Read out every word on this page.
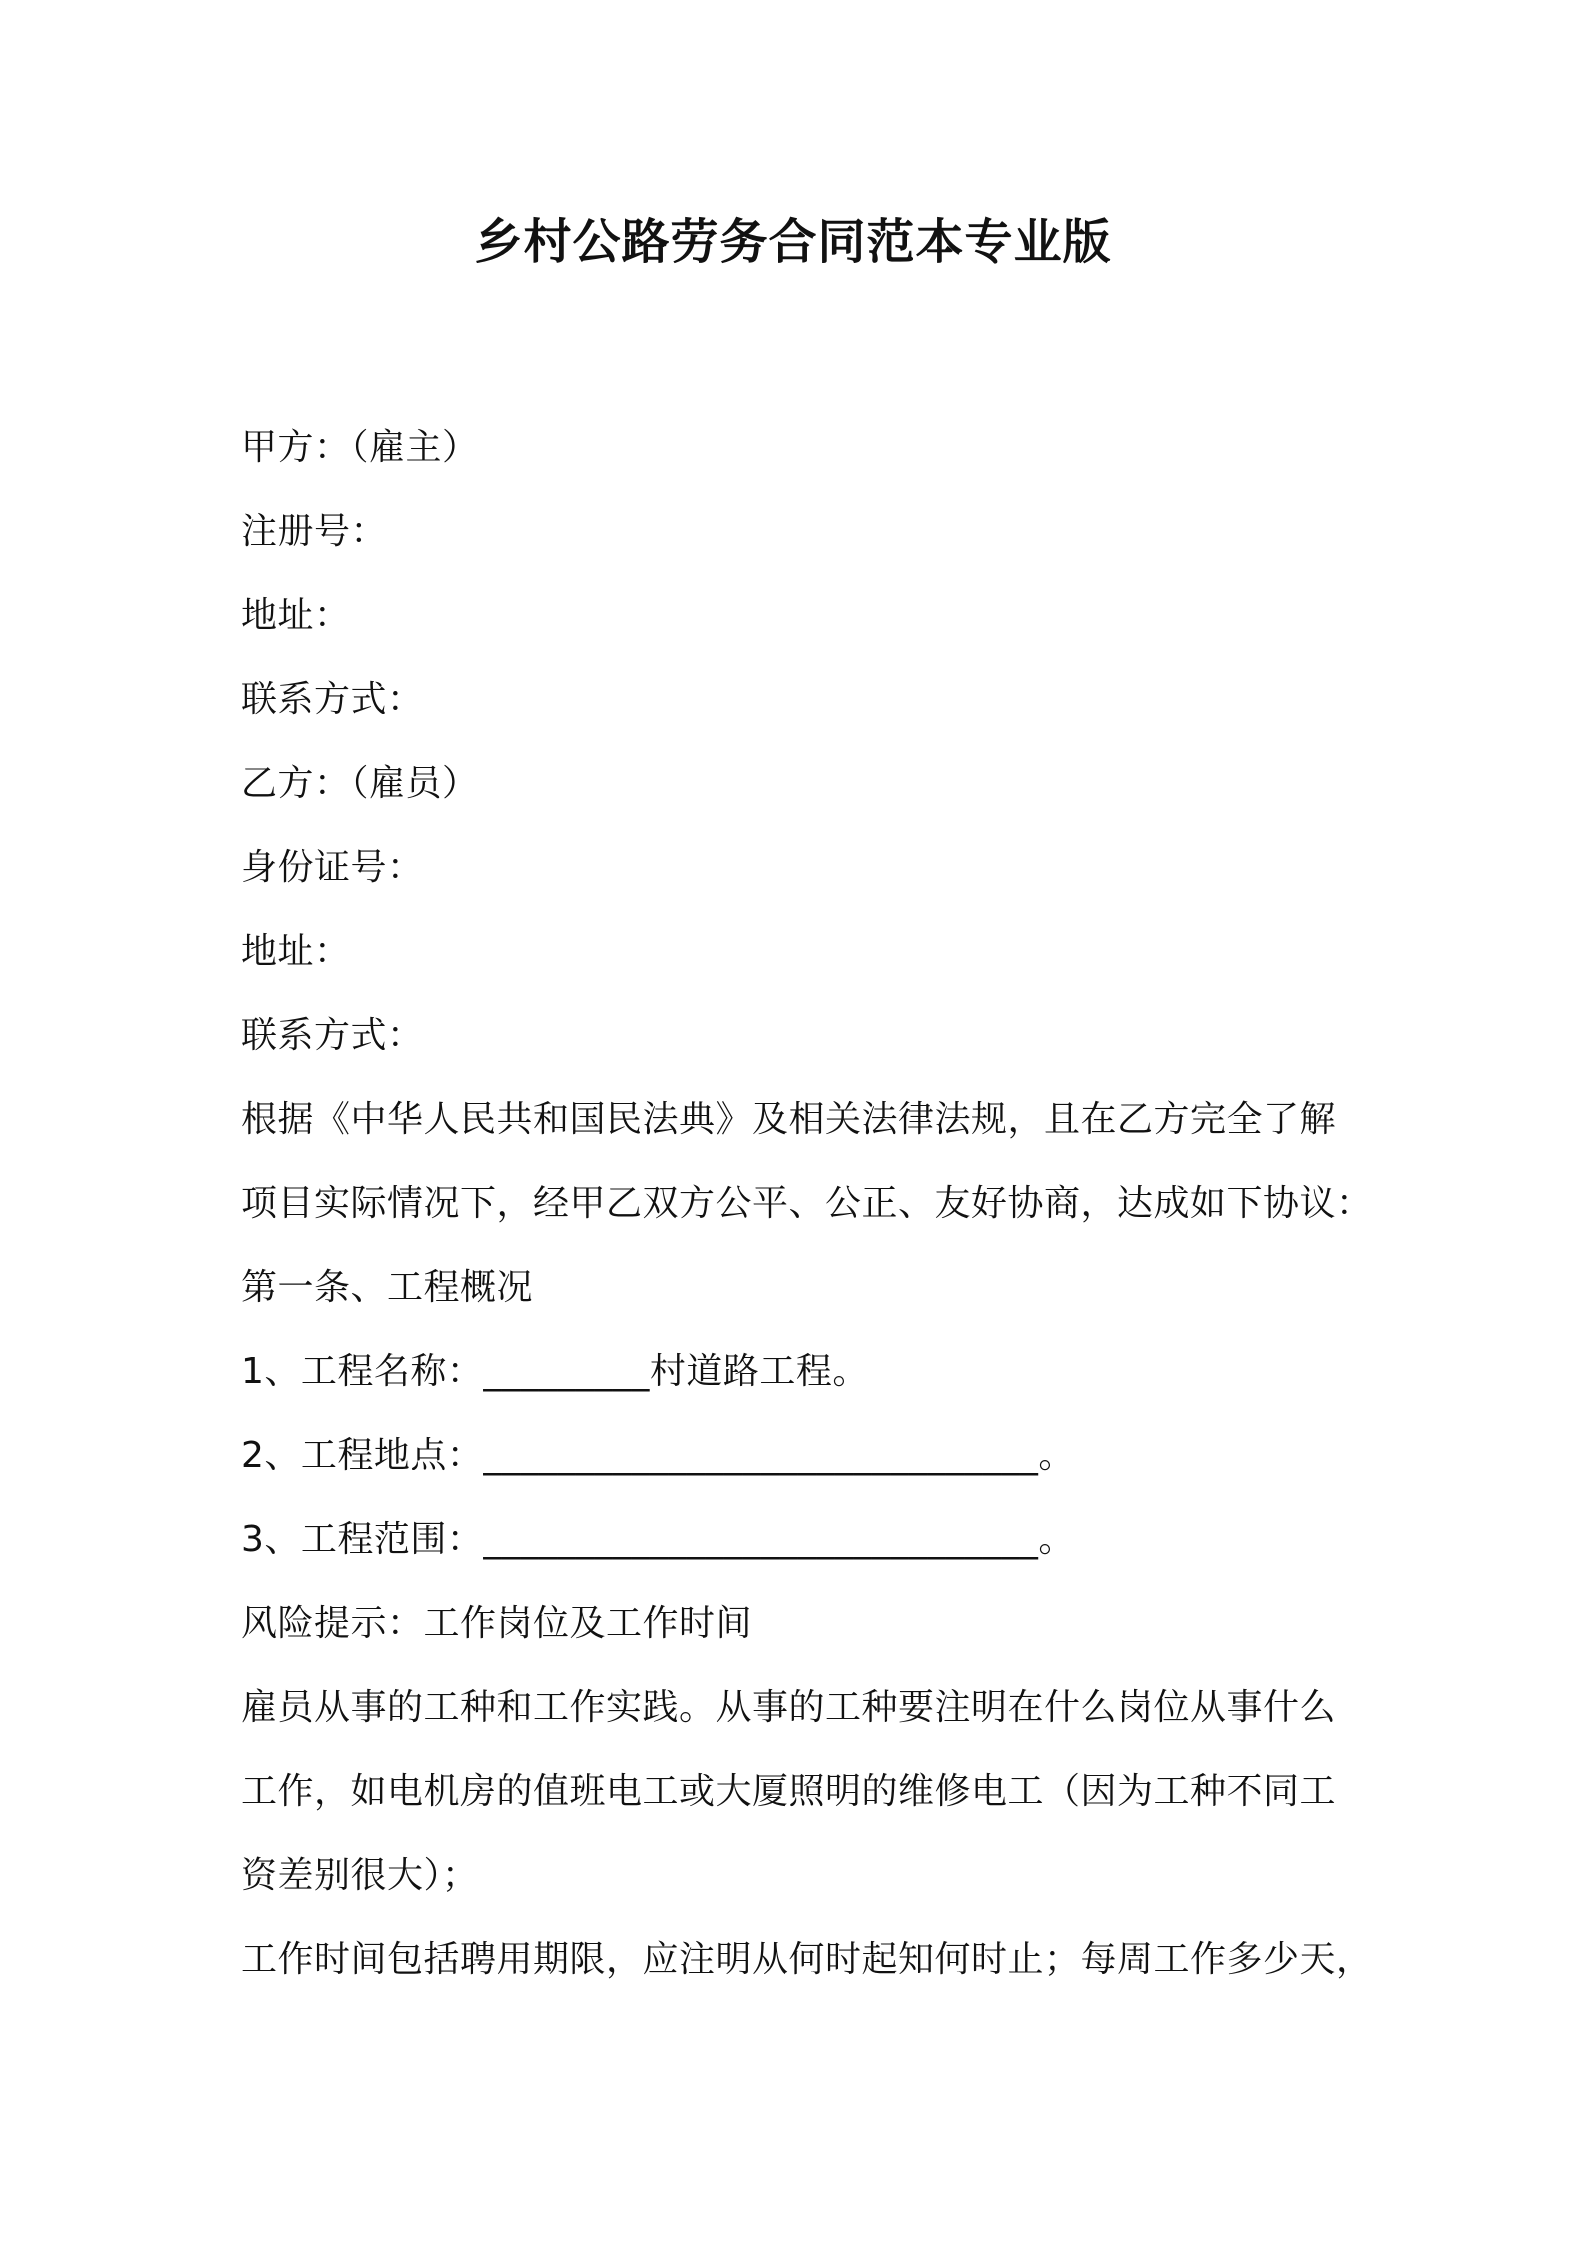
乡村公路劳务合同范本专业版
甲方：（雇主）
注册号：
地址：
联系方式：
乙方：（雇员）
身份证号：
地址：
联系方式：
根据《中华人民共和国民法典》及相关法律法规，且在乙方完全了解
项目实际情况下，经甲乙双方公平、公正、友好协商，达成如下协议：
第一条、工程概况
1、工程名称：_________村道路工程。
2、工程地点：______________________________。
3、工程范围：______________________________。
风险提示：工作岗位及工作时间
雇员从事的工种和工作实践。从事的工种要注明在什么岗位从事什么
工作，如电机房的值班电工或大厦照明的维修电工（因为工种不同工
资差别很大）；
工作时间包括聘用期限，应注明从何时起知何时止；每周工作多少天，
